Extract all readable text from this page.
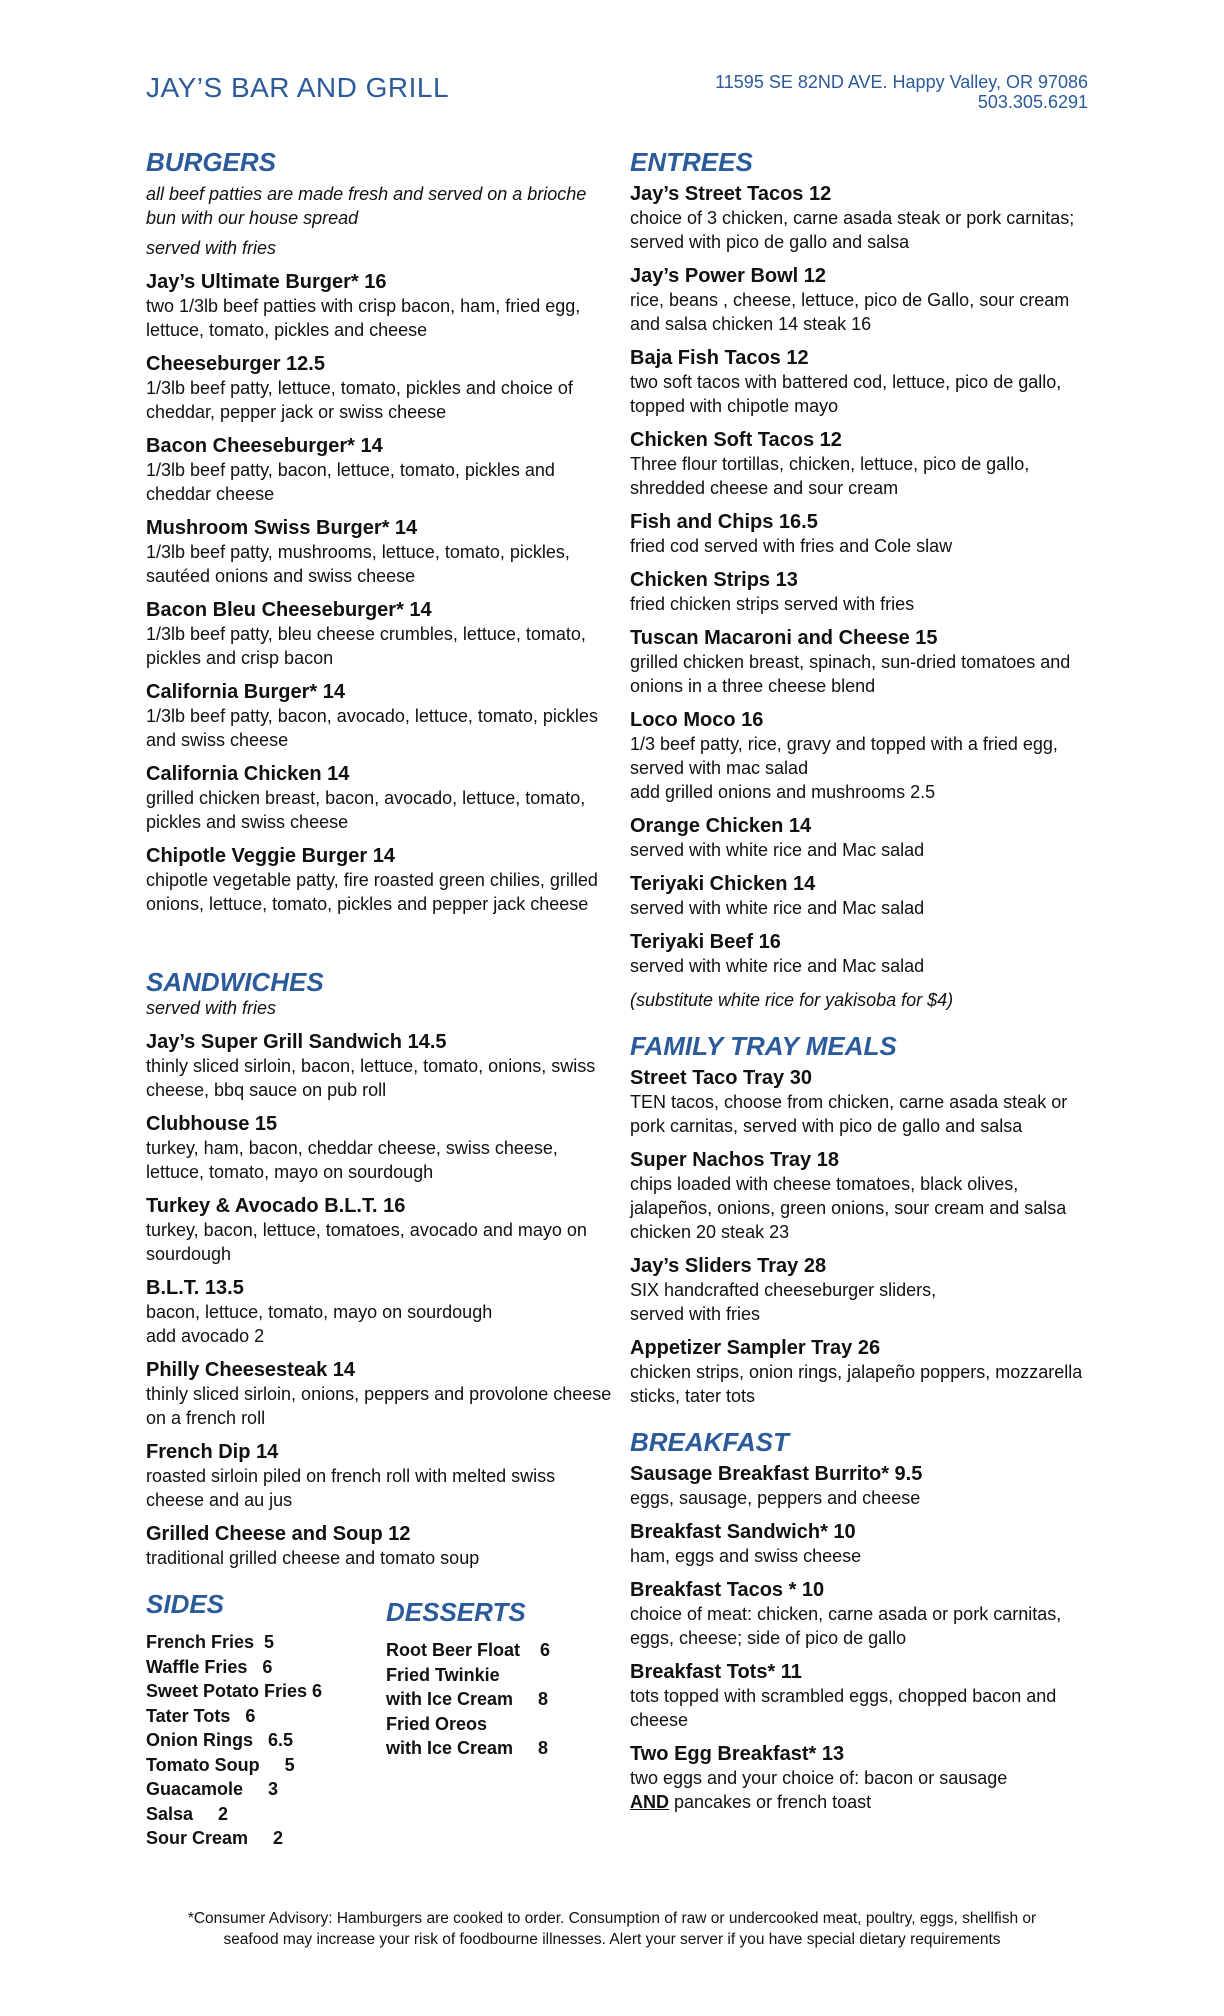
JAY’S BAR AND GRILL	11595 SE 82ND AVE. Happy Valley, OR 97086
503.305.6291
BURGERS
all beef patties are made fresh and served on a brioche bun with our house spread
served with fries
Jay’s Ultimate Burger* 16
two 1/3lb beef patties with crisp bacon, ham, fried egg, lettuce, tomato, pickles and cheese
Cheeseburger 12.5
1/3lb beef patty, lettuce, tomato, pickles and choice of cheddar, pepper jack or swiss cheese
Bacon Cheeseburger* 14
1/3lb beef patty, bacon, lettuce, tomato, pickles and cheddar cheese
Mushroom Swiss Burger* 14
1/3lb beef patty, mushrooms, lettuce, tomato, pickles, sautéed onions and swiss cheese
Bacon Bleu Cheeseburger* 14
1/3lb beef patty, bleu cheese crumbles, lettuce, tomato, pickles and crisp bacon
California Burger* 14
1/3lb beef patty, bacon, avocado, lettuce, tomato, pickles and swiss cheese
California Chicken 14
grilled chicken breast, bacon, avocado, lettuce, tomato, pickles and swiss cheese
Chipotle Veggie Burger 14
chipotle vegetable patty, fire roasted green chilies, grilled onions, lettuce, tomato, pickles and pepper jack cheese
SANDWICHES
served with fries
Jay’s Super Grill Sandwich 14.5
thinly sliced sirloin, bacon, lettuce, tomato, onions, swiss cheese, bbq sauce on pub roll
Clubhouse 15
turkey, ham, bacon, cheddar cheese, swiss cheese, lettuce, tomato, mayo on sourdough
Turkey & Avocado B.L.T. 16
turkey, bacon, lettuce, tomatoes, avocado and mayo on sourdough
B.L.T. 13.5
bacon, lettuce, tomato, mayo on sourdough
add avocado 2
Philly Cheesesteak 14
thinly sliced sirloin, onions, peppers and provolone cheese on a french roll
French Dip 14
roasted sirloin piled on french roll with melted swiss cheese and au jus
Grilled Cheese and Soup 12
traditional grilled cheese and tomato soup
SIDES
French Fries  5
Waffle Fries   6
Sweet Potato Fries 6
Tater Tots   6
Onion Rings   6.5
Tomato Soup     5
Guacamole     3
Salsa     2
Sour Cream     2
DESSERTS
Root Beer Float    6
Fried Twinkie
with Ice Cream     8
Fried Oreos
with Ice Cream     8
ENTREES
Jay’s Street Tacos 12
choice of 3 chicken, carne asada steak or pork carnitas; served with pico de gallo and salsa
Jay’s Power Bowl 12
rice, beans , cheese, lettuce, pico de Gallo, sour cream and salsa chicken 14 steak 16
Baja Fish Tacos 12
two soft tacos with battered cod, lettuce, pico de gallo, topped with chipotle mayo
Chicken Soft Tacos 12
Three flour tortillas, chicken, lettuce, pico de gallo, shredded cheese and sour cream
Fish and Chips 16.5
fried cod served with fries and Cole slaw
Chicken Strips 13
fried chicken strips served with fries
Tuscan Macaroni and Cheese 15
grilled chicken breast, spinach, sun-dried tomatoes and onions in a three cheese blend
Loco Moco 16
1/3 beef patty, rice, gravy and topped with a fried egg, served with mac salad
add grilled onions and mushrooms 2.5
Orange Chicken 14
served with white rice and Mac salad
Teriyaki Chicken 14
served with white rice and Mac salad
Teriyaki Beef 16
served with white rice and Mac salad
(substitute white rice for yakisoba for $4)
FAMILY TRAY MEALS
Street Taco Tray 30
TEN tacos, choose from chicken, carne asada steak or pork carnitas, served with pico de gallo and salsa
Super Nachos Tray 18
chips loaded with cheese tomatoes, black olives, jalapeños, onions, green onions, sour cream and salsa chicken 20 steak 23
Jay’s Sliders Tray 28
SIX handcrafted cheeseburger sliders,
served with fries
Appetizer Sampler Tray 26
chicken strips, onion rings, jalapeño poppers, mozzarella sticks, tater tots
BREAKFAST
Sausage Breakfast Burrito* 9.5
eggs, sausage, peppers and cheese
Breakfast Sandwich* 10
ham, eggs and swiss cheese
Breakfast Tacos * 10
choice of meat: chicken, carne asada or pork carnitas, eggs, cheese; side of pico de gallo
Breakfast Tots* 11
tots topped with scrambled eggs, chopped bacon and cheese
Two Egg Breakfast* 13
two eggs and your choice of: bacon or sausage
AND pancakes or french toast
*Consumer Advisory: Hamburgers are cooked to order. Consumption of raw or undercooked meat, poultry, eggs, shellfish or
seafood may increase your risk of foodbourne illnesses. Alert your server if you have special dietary requirements
